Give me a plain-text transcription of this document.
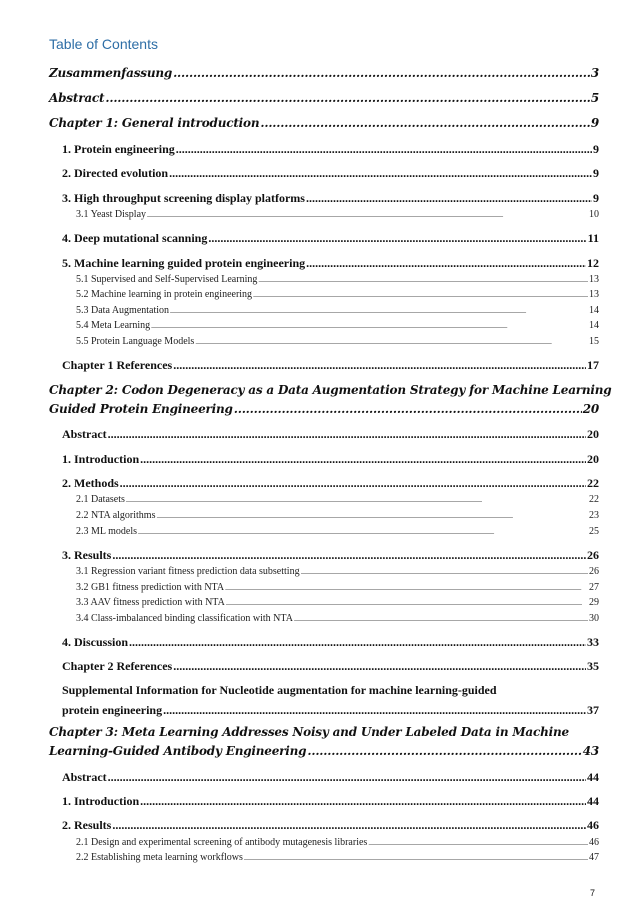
Table of Contents
Zusammenfassung .....	3
Abstract .....	5
Chapter 1: General introduction .....	9
1. Protein engineering .....	9
2. Directed evolution .....	9
3. High throughput screening display platforms .....	9
3.1 Yeast Display .....	10
4. Deep mutational scanning .....	11
5. Machine learning guided protein engineering .....	12
5.1 Supervised and Self-Supervised Learning .....	13
5.2 Machine learning in protein engineering .....	13
5.3 Data Augmentation .....	14
5.4 Meta Learning .....	14
5.5 Protein Language Models .....	15
Chapter 1 References .....	17
Chapter 2: Codon Degeneracy as a Data Augmentation Strategy for Machine Learning
Guided Protein Engineering .....	20
Abstract .....	20
1. Introduction .....	20
2. Methods .....	22
2.1 Datasets .....	22
2.2 NTA algorithms .....	23
2.3 ML models .....	25
3. Results .....	26
3.1 Regression variant fitness prediction data subsetting .....	26
3.2 GB1 fitness prediction with NTA .....	27
3.3 AAV fitness prediction with NTA .....	29
3.4 Class-imbalanced binding classification with NTA .....	30
4. Discussion .....	33
Chapter 2 References .....	35
Supplemental Information for Nucleotide augmentation for machine learning-guided
protein engineering .....	37
Chapter 3: Meta Learning Addresses Noisy and Under Labeled Data in Machine
Learning-Guided Antibody Engineering .....	43
Abstract .....	44
1. Introduction .....	44
2. Results .....	46
2.1 Design and experimental screening of antibody mutagenesis libraries .....	46
2.2 Establishing meta learning workflows .....	47
7
